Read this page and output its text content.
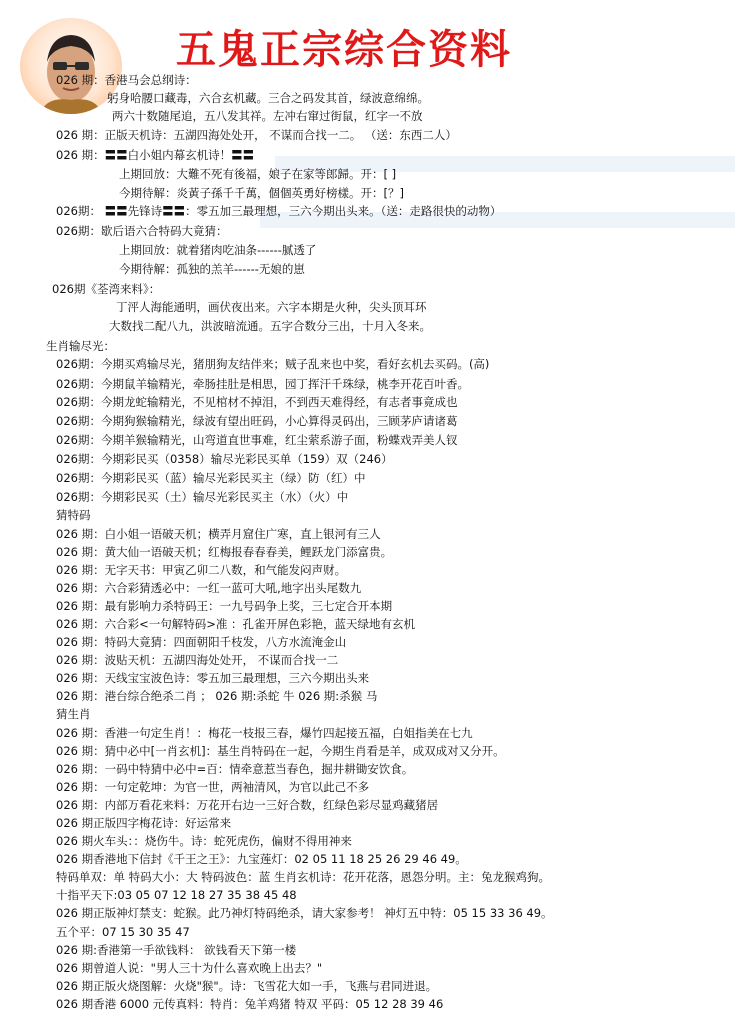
五鬼正宗综合资料
026 期：香港马会总纲诗：
躬身哈腰口藏毒，六合玄机藏。三合之码发其首，绿波意绵绵。
两六十数随尾追，五八发其祥。左冲右窜过街鼠，红字一不放
026 期：正版天机诗：五湖四海处处开， 不谋而合找一二。 （送：东西二人）
026 期：〓〓白小姐内幕玄机诗！〓〓
上期回放：大難不死有後福，娘子在家等郎歸。开：[ ]
今期待解：炎黃子孫千千萬，個個英勇好榜樣。开：[？]
026期： 〓〓先锋诗〓〓：零五加三最理想，三六今期出头来。（送：走路很快的动物）
026期：歇后语六合特码大竟猜：
上期回放：就着猪肉吃油条------腻透了
今期待解：孤独的羔羊------无娘的崽
026期《荃湾来料》：
丁泙人海能通明，画伏夜出来。六字本期是火种，尖头顶耳环
大数找二配八九，洪波暗流通。五字合数分三出，十月入冬来。
生肖输尽光：
026期：今期买鸡输尽光，猪朋狗友结伴来；贼子乱来也中奖，看好玄机去买码。(高)
026期：今期鼠羊输精光，牵肠挂肚是相思，园丁挥汗千珠绿，桃李开花百叶香。
026期：今期龙蛇输精光，不见棺材不掉泪，不到西天难得经，有志者事竟成也
026期：今期狗猴输精光，绿波有望出旺码，小心算得灵码出，三顾茅庐请诸葛
026期：今期羊猴输精光，山弯道直世事难，红尘萦系游子面，粉蝶戏弄美人钗
026期：今期彩民买（0358）输尽光彩民买单（159）双（246）
026期：今期彩民买（蓝）输尽光彩民买主（绿）防（红）中
026期：今期彩民买（土）输尽光彩民买主（水）（火）中
猜特码
026 期：白小姐一语破天机；横弄月窟住广寒，直上银河有三人
026 期：黄大仙一语破天机；红梅报春春春美，鲤跃龙门添富贵。
026 期：无字天书：甲寅乙卯二八数，和气能发闷声财。
026 期：六合彩猜透必中：一红一蓝可大吼,地字出头尾数九
026 期：最有影响力杀特码王：一九号码争上奖，三七定合开本期
026 期：六合彩<一句解特码>准 ：孔雀开屏色彩艳，蓝天绿地有玄机
026 期：特码大竟猜：四面朝阳千枝发，八方水流淹金山
026 期：波贴天机：五湖四海处处开， 不谋而合找一二
026 期：天线宝宝波色诗：零五加三最理想，三六今期出头来
026 期：港台综合绝杀二肖 ； 026 期:杀蛇 牛 026 期:杀猴 马
猜生肖
026 期：香港一句定生肖！：梅花一枝报三春，爆竹四起接五福，白姐指美在七九
026 期：猜中必中[一肖玄机]：基生肖特码在一起，今期生肖看是羊，成双成对又分开。
026 期：一码中特猜中必中=百：情牵意惹当春色，掘井耕锄安饮食。
026 期：一句定乾坤：为官一世，两袖清风，为官以此己不多
026 期：内部万看花来料：万花开右边一三好合数，红绿色彩尽显鸡藏猪居
026 期正版四字梅花诗：好运常来
026 期火车头：：烧伤牛。诗：蛇死虎伤，偏财不得用神来
026 期香港地下信封《千王之王》：九宝莲灯：02 05 11 18 25 26 29 46 49。
特码单双：单 特码大小：大 特码波色：蓝 生肖玄机诗：花开花落，恩怨分明。主：兔龙猴鸡狗。
十指平天下:03 05 07 12 18 27 35 38 45 48
026 期正版神灯禁支：蛇猴。此乃神灯特码绝杀，请大家参考！ 神灯五中特：05 15 33 36 49。
五个平：07 15 30 35 47
026 期:香港第一手欲钱料： 欲钱看天下第一楼
026 期曾道人说："男人三十为什么喜欢晚上出去？"
026 期正版火烧图解：火烧"猴"。诗：飞雪花大如一手，飞燕与君同进退。
026 期香港 6000 元传真料：特肖：兔羊鸡猪 特双 平码：05 12 28 39 46
